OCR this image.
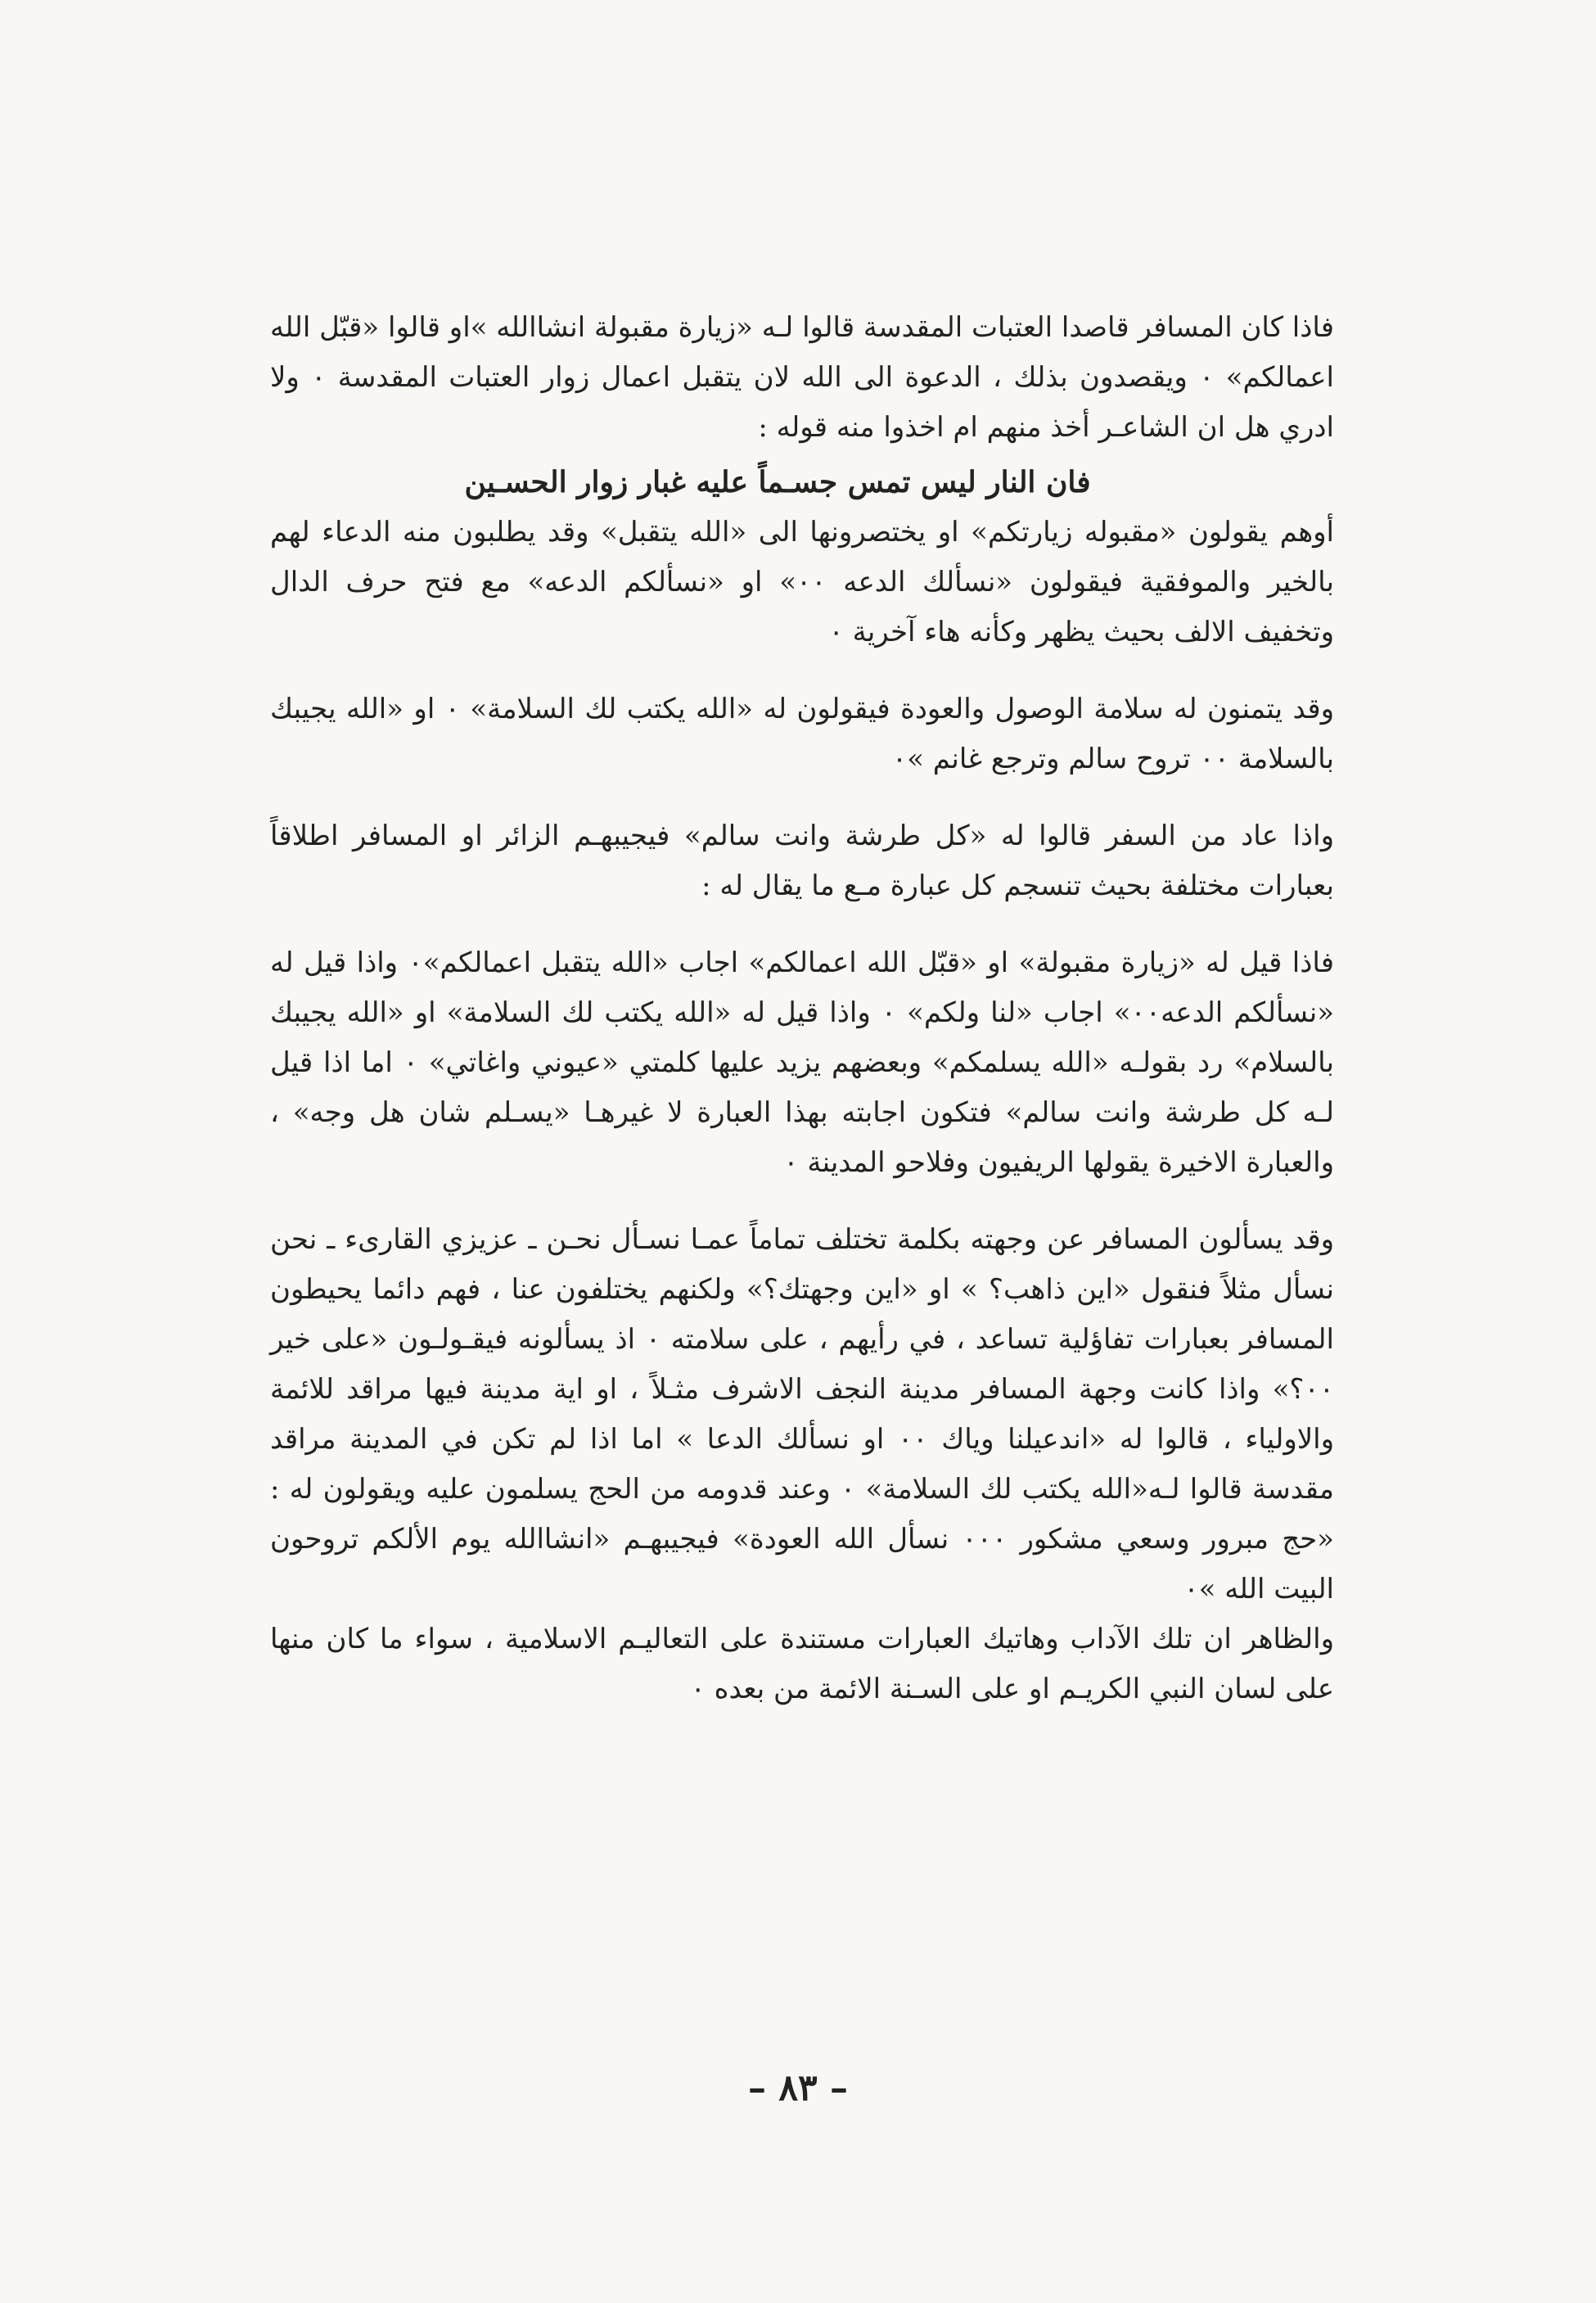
فاذا كان المسافر قاصدا العتبات المقدسة قالوا لـه «زيارة مقبولة انشاالله »او قالوا «قبّل الله اعمالكم» ٠ ويقصدون بذلك ، الدعوة الى الله لان يتقبل اعمال زوار العتبات المقدسة ٠ ولا ادري هل ان الشاعـر أخذ منهم ام اخذوا منه قوله :

فان النار ليس تمس جسـماً عليه غبار زوار الحسـين

أوهم يقولون «مقبوله زيارتكم» او يختصرونها الى «الله يتقبل» وقد يطلبون منه الدعاء لهم بالخير والموفقية فيقولون «نسألك الدعه ٠٠» او «نسألكم الدعه» مع فتح حرف الدال وتخفيف الالف بحيث يظهر وكأنه هاء آخرية ٠

وقد يتمنون له سلامة الوصول والعودة فيقولون له «الله يكتب لك السلامة» ٠ او «الله يجيبك بالسلامة ٠٠ تروح سالم وترجع غانم »٠

واذا عاد من السفر قالوا له «كل طرشة وانت سالم» فيجيبهـم الزائر او المسافر اطلاقاً بعبارات مختلفة بحيث تنسجم كل عبارة مـع ما يقال له :

فاذا قيل له «زيارة مقبولة» او «قبّل الله اعمالكم» اجاب «الله يتقبل اعمالكم»٠ واذا قيل له «نسألكم الدعه٠٠» اجاب «لنا ولكم» ٠ واذا قيل له «الله يكتب لك السلامة» او «الله يجيبك بالسلام» رد بقولـه «الله يسلمكم» وبعضهم يزيد عليها كلمتي «عيوني واغاتي» ٠ اما اذا قيل لـه كل طرشة وانت سالم» فتكون اجابته بهذا العبارة لا غيرهـا «يسـلم شان هل وجه» ، والعبارة الاخيرة يقولها الريفيون وفلاحو المدينة ٠

وقد يسألون المسافر عن وجهته بكلمة تختلف تماماً عمـا نسـأل نحـن ـ عزيزي القارىء ـ نحن نسأل مثلاً فنقول «اين ذاهب؟ » او «اين وجهتك؟» ولكنهم يختلفون عنا ، فهم دائما يحيطون المسافر بعبارات تفاؤلية تساعد ، في رأيهم ، على سلامته ٠ اذ يسألونه فيقـولـون «على خير ٠٠؟» واذا كانت وجهة المسافر مدينة النجف الاشرف مثـلاً ، او اية مدينة فيها مراقد للائمة والاولياء ، قالوا له «اندعيلنا وياك ٠٠ او نسألك الدعا » اما اذا لم تكن في المدينة مراقد مقدسة قالوا لـه«الله يكتب لك السلامة» ٠ وعند قدومه من الحج يسلمون عليه ويقولون له : «حج مبرور وسعي مشكور ٠٠٠ نسأل الله العودة» فيجيبهـم «انشاالله يوم الألكم تروحون البيت الله »٠

والظاهر ان تلك الآداب وهاتيك العبارات مستندة على التعاليـم الاسلامية ، سواء ما كان منها على لسان النبي الكريـم او على السـنة الائمة من بعده ٠

– ٨٣ –
